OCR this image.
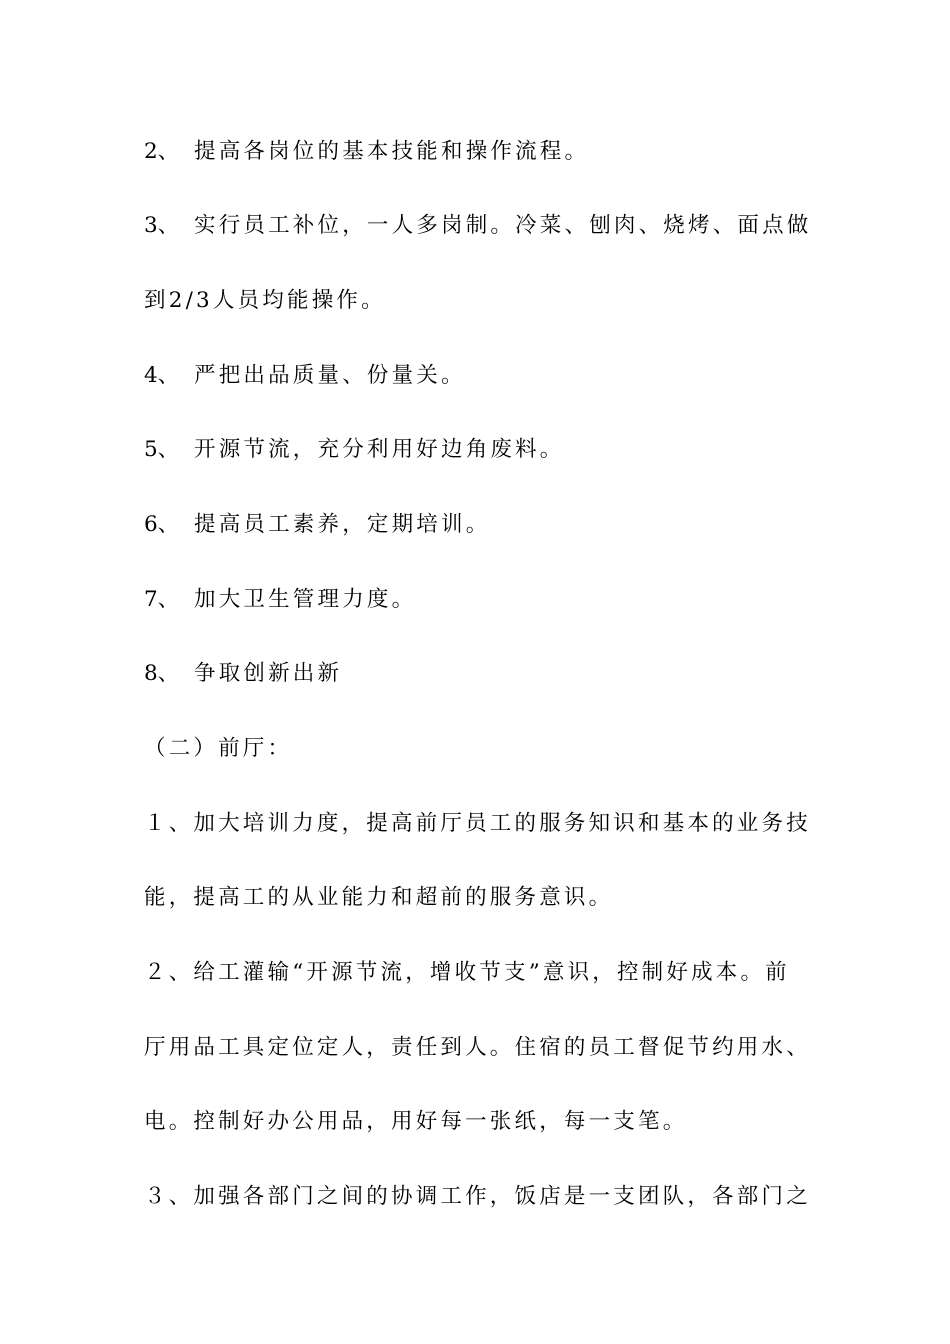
2、 提高各岗位的基本技能和操作流程。
3、 实行员工补位，一人多岗制。冷菜、刨肉、烧烤、面点做
到2/3人员均能操作。
4、 严把出品质量、份量关。
5、 开源节流，充分利用好边角废料。
6、 提高员工素养，定期培训。
7、 加大卫生管理力度。
8、 争取创新出新
（二）前厅：
１、加大培训力度，提高前厅员工的服务知识和基本的业务技
能，提高工的从业能力和超前的服务意识。
２、给工灌输“开源节流，增收节支”意识，控制好成本。前
厅用品工具定位定人，责任到人。住宿的员工督促节约用水、
电。控制好办公用品，用好每一张纸，每一支笔。
３、加强各部门之间的协调工作，饭店是一支团队，各部门之
